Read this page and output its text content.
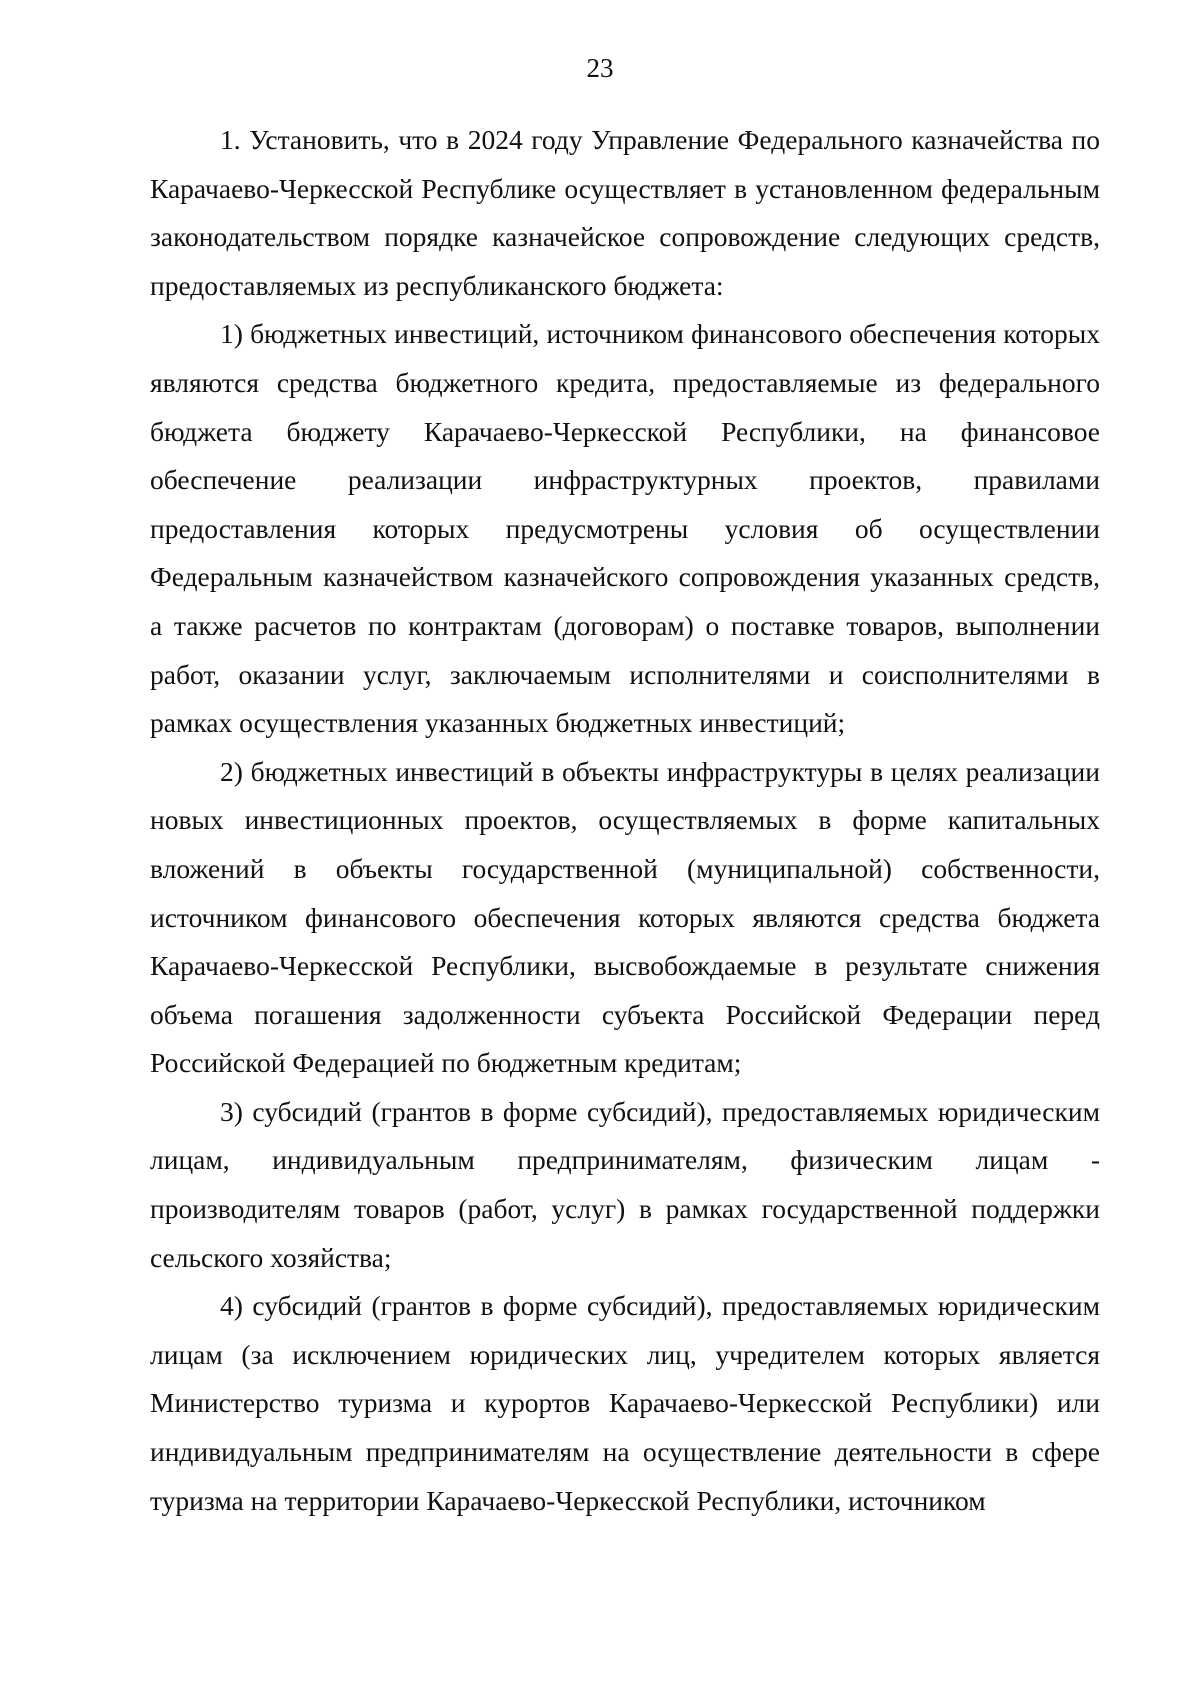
23

1. Установить, что в 2024 году Управление Федерального казначейства по Карачаево-Черкесской Республике осуществляет в установленном федеральным законодательством порядке казначейское сопровождение следующих средств, предоставляемых из республиканского бюджета:

1) бюджетных инвестиций, источником финансового обеспечения которых являются средства бюджетного кредита, предоставляемые из федерального бюджета бюджету Карачаево-Черкесской Республики, на финансовое обеспечение реализации инфраструктурных проектов, правилами предоставления которых предусмотрены условия об осуществлении Федеральным казначейством казначейского сопровождения указанных средств, а также расчетов по контрактам (договорам) о поставке товаров, выполнении работ, оказании услуг, заключаемым исполнителями и соисполнителями в рамках осуществления указанных бюджетных инвестиций;

2) бюджетных инвестиций в объекты инфраструктуры в целях реализации новых инвестиционных проектов, осуществляемых в форме капитальных вложений в объекты государственной (муниципальной) собственности, источником финансового обеспечения которых являются средства бюджета Карачаево-Черкесской Республики, высвобождаемые в результате снижения объема погашения задолженности субъекта Российской Федерации перед Российской Федерацией по бюджетным кредитам;

3) субсидий (грантов в форме субсидий), предоставляемых юридическим лицам, индивидуальным предпринимателям, физическим лицам - производителям товаров (работ, услуг) в рамках государственной поддержки сельского хозяйства;

4) субсидий (грантов в форме субсидий), предоставляемых юридическим лицам (за исключением юридических лиц, учредителем которых является Министерство туризма и курортов Карачаево-Черкесской Республики) или индивидуальным предпринимателям на осуществление деятельности в сфере туризма на территории Карачаево-Черкесской Республики, источником
